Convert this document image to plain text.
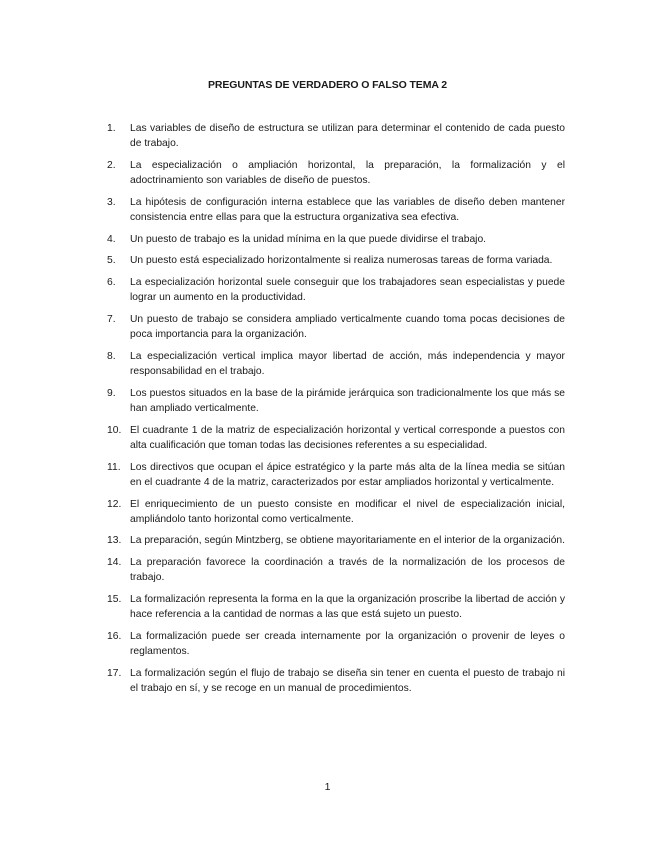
PREGUNTAS DE VERDADERO O FALSO TEMA 2
1.	Las variables de diseño de estructura se utilizan para determinar el contenido de cada puesto de trabajo.
2.	La especialización o ampliación horizontal, la preparación, la formalización y el adoctrinamiento son variables de diseño de puestos.
3.	La hipótesis de configuración interna establece que las variables de diseño deben mantener consistencia entre ellas para que la estructura organizativa sea efectiva.
4.	Un puesto de trabajo es la unidad mínima en la que puede dividirse el trabajo.
5.	Un puesto está especializado horizontalmente si realiza numerosas tareas de forma variada.
6.	La especialización horizontal suele conseguir que los trabajadores sean especialistas y puede lograr un aumento en la productividad.
7.	Un puesto de trabajo se considera ampliado verticalmente cuando toma pocas decisiones de poca importancia para la organización.
8.	La especialización vertical implica mayor libertad de acción, más independencia y mayor responsabilidad en el trabajo.
9.	Los puestos situados en la base de la pirámide jerárquica son tradicionalmente los que más se han ampliado verticalmente.
10. El cuadrante 1 de la matriz de especialización horizontal y vertical corresponde a puestos con alta cualificación que toman todas las decisiones referentes a su especialidad.
11. Los directivos que ocupan el ápice estratégico y la parte más alta de la línea media se sitúan en el cuadrante 4 de la matriz, caracterizados por estar ampliados horizontal y verticalmente.
12. El enriquecimiento de un puesto consiste en modificar el nivel de especialización inicial, ampliándolo tanto horizontal como verticalmente.
13. La preparación, según Mintzberg, se obtiene mayoritariamente en el interior de la organización.
14. La preparación favorece la coordinación a través de la normalización de los procesos de trabajo.
15. La formalización representa la forma en la que la organización proscribe la libertad de acción y hace referencia a la cantidad de normas a las que está sujeto un puesto.
16. La formalización puede ser creada internamente por la organización o provenir de leyes o reglamentos.
17. La formalización según el flujo de trabajo se diseña sin tener en cuenta el puesto de trabajo ni el trabajo en sí, y se recoge en un manual de procedimientos.
1
